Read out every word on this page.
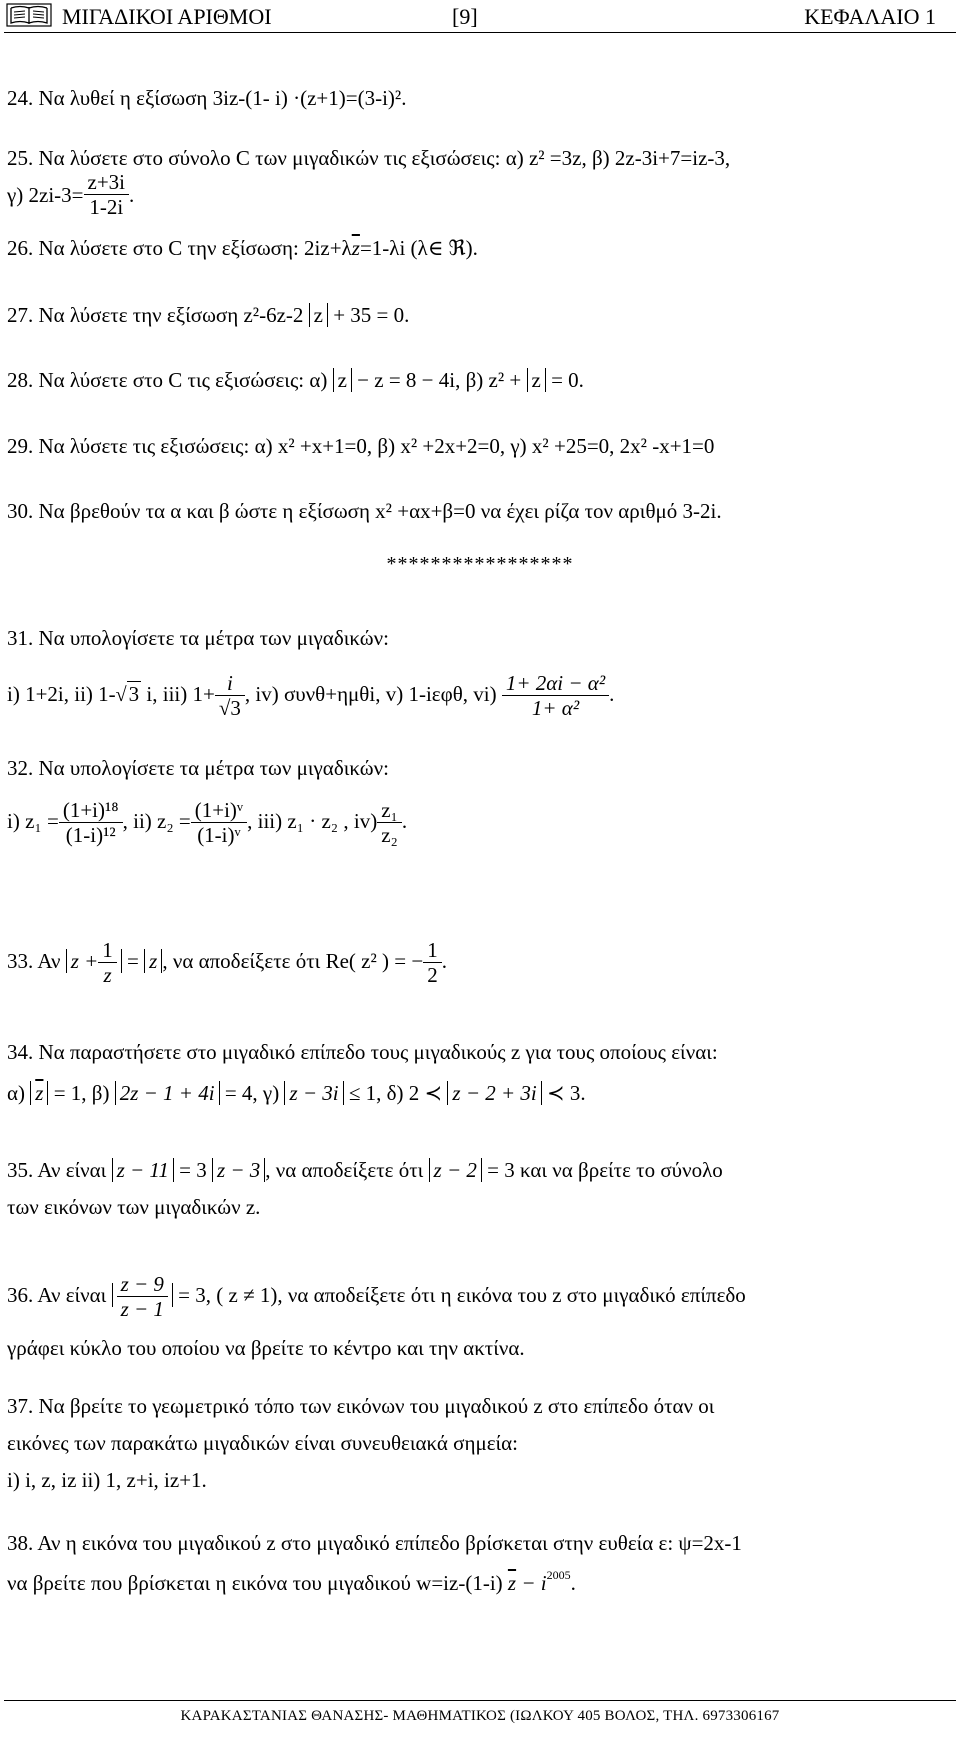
ΜΙΓΑΔΙΚΟΙ ΑΡΙΘΜΟΙ	[9]	ΚΕΦΑΛΑΙΟ 1
24. Να λυθεί η εξίσωση 3iz-(1- i) ·(z+1)=(3-i)².
25. Να λύσετε στο σύνολο C των μιγαδικών τις εξισώσεις: α) z² =3z, β) 2z-3i+7=iz-3,
γ) $2zi-3= \frac{z+3i}{1-2i}$ .
26. Να λύσετε στο C την εξίσωση: $2iz+\lambda\overline{z}=1-\lambda i$ (λ∈ ℜ).
27. Να λύσετε την εξίσωση z²-6z-2 z + 35 = 0.
28. Να λύσετε στο C τις εξισώσεις: α) z − z = 8 − 4i, β) z² + z = 0.
29. Να λύσετε τις εξισώσεις: α) x² +x+1=0, β) x² +2x+2=0, γ) x² +25=0, 2x² -x+1=0
30. Να βρεθούν τα α και β ώστε η εξίσωση x² +αx+β=0 να έχει ρίζα τον αριθμό 3-2i.
*****************
31. Να υπολογίσετε τα μέτρα των μιγαδικών:
i) 1+2i, ii) 1-√3 i, iii) $1+ \frac{i}{√3}$ , iv) συνθ+ημθi, v) 1-iεφθ, $vi) \frac{\text{1+ 2αi − α²}}{\text{1+ α²}}$ .
32. Να υπολογίσετε τα μέτρα των μιγαδικών:
i) $z_1 = \frac{\text{(1+i)¹⁸}}{\text{(1-i)¹²}}$ , ii) $z_2 = \frac{\text{(1+i)ᵛ}}{\text{(1-i)ᵛ}}$ , iii) z₁ · z₂ , $iv) \frac{\text{z₁}}{\text{z₂}}$ .
33. Αν $z + \frac{1}{z} = z$ , να αποδείξετε ότι Re( z² ) = − $\frac{1}{2}$ .
34. Να παραστήσετε στο μιγαδικό επίπεδο τους μιγαδικούς z για τους οποίους είναι:
α) $\overline{z} = 1$, β) 2z − 1 + 4i = 4, γ) z − 3i ≤ 1, δ) 2 ≺ z − 2 + 3i ≺ 3.
35. Αν είναι z − 11 = 3 z − 3 , να αποδείξετε ότι z − 2 = 3 και να βρείτε το σύνολο
των εικόνων των μιγαδικών z.
36. Αν είναι $\frac{z - 9}{z - 1} = 3$, ( z ≠ 1), να αποδείξετε ότι η εικόνα του z στο μιγαδικό επίπεδο
γράφει κύκλο του οποίου να βρείτε το κέντρο και την ακτίνα.
37. Να βρείτε το γεωμετρικό τόπο των εικόνων του μιγαδικού z στο επίπεδο όταν οι
εικόνες των παρακάτω μιγαδικών είναι συνευθειακά σημεία:
i) i, z, iz ii) 1, z+i, iz+1.
38. Αν η εικόνα του μιγαδικού z στο μιγαδικό επίπεδο βρίσκεται στην ευθεία ε: ψ=2x-1
να βρείτε που βρίσκεται η εικόνα του μιγαδικού w=iz-(1-i) $\overline{z} - i^{2005}$.
ΚΑΡΑΚΑΣΤΑΝΙΑΣ ΘΑΝΑΣΗΣ- ΜΑΘΗΜΑΤΙΚΟΣ (ΙΩΛΚΟΥ 405 ΒΟΛΟΣ, ΤΗΛ. 6973306167
